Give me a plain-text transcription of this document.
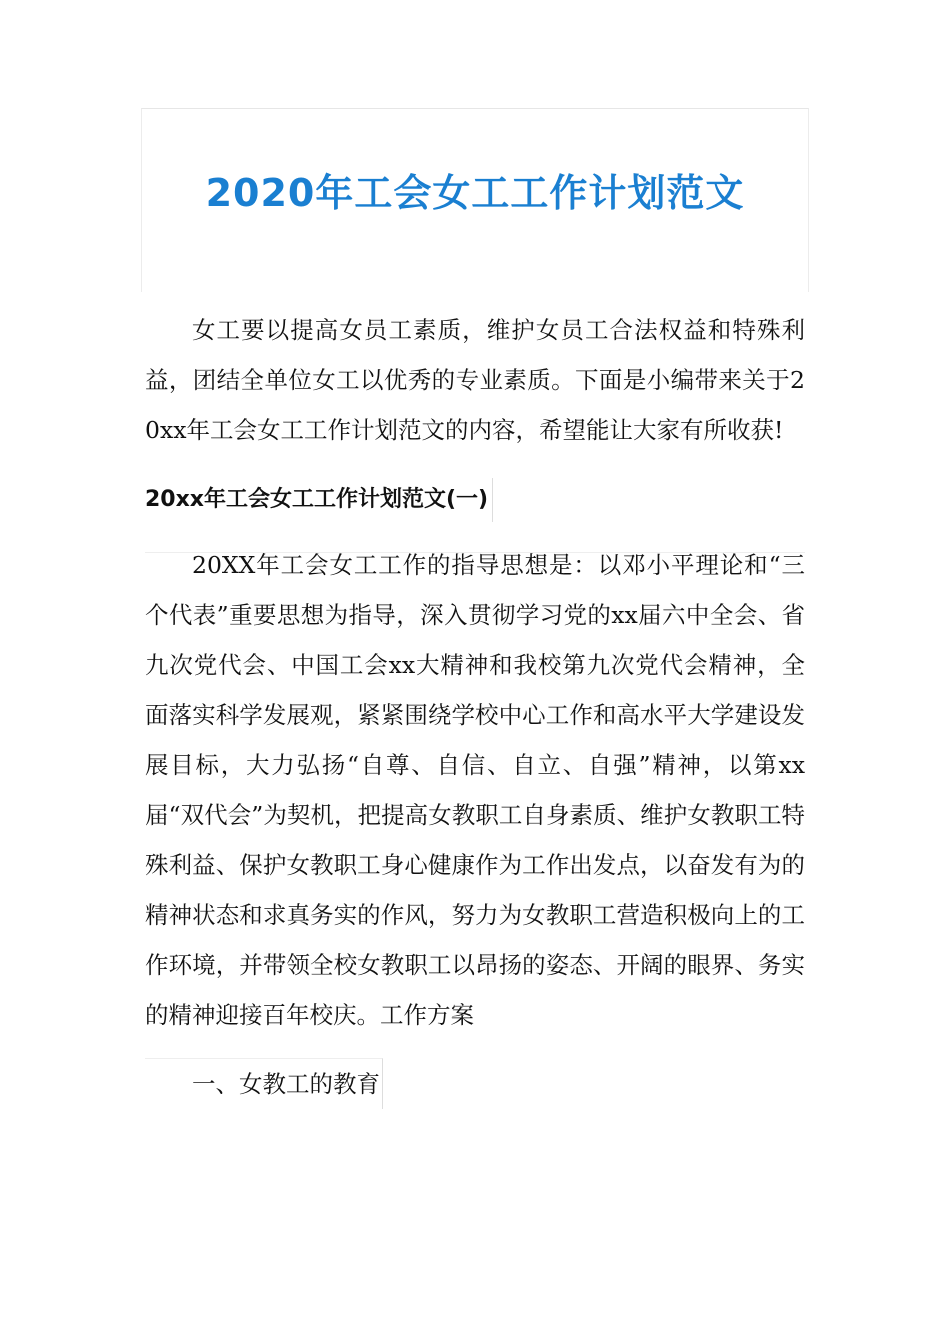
2020年工会女工工作计划范文

女工要以提高女员工素质，维护女员工合法权益和特殊利益，团结全单位女工以优秀的专业素质。下面是小编带来关于20xx年工会女工工作计划范文的内容，希望能让大家有所收获!

20xx年工会女工工作计划范文(一)

20XX年工会女工工作的指导思想是：以邓小平理论和“三个代表”重要思想为指导，深入贯彻学习党的xx届六中全会、省九次党代会、中国工会xx大精神和我校第九次党代会精神，全面落实科学发展观，紧紧围绕学校中心工作和高水平大学建设发展目标，大力弘扬“自尊、自信、自立、自强”精神，以第xx届“双代会”为契机，把提高女教职工自身素质、维护女教职工特殊利益、保护女教职工身心健康作为工作出发点，以奋发有为的精神状态和求真务实的作风，努力为女教职工营造积极向上的工作环境，并带领全校女教职工以昂扬的姿态、开阔的眼界、务实的精神迎接百年校庆。工作方案

一、女教工的教育
